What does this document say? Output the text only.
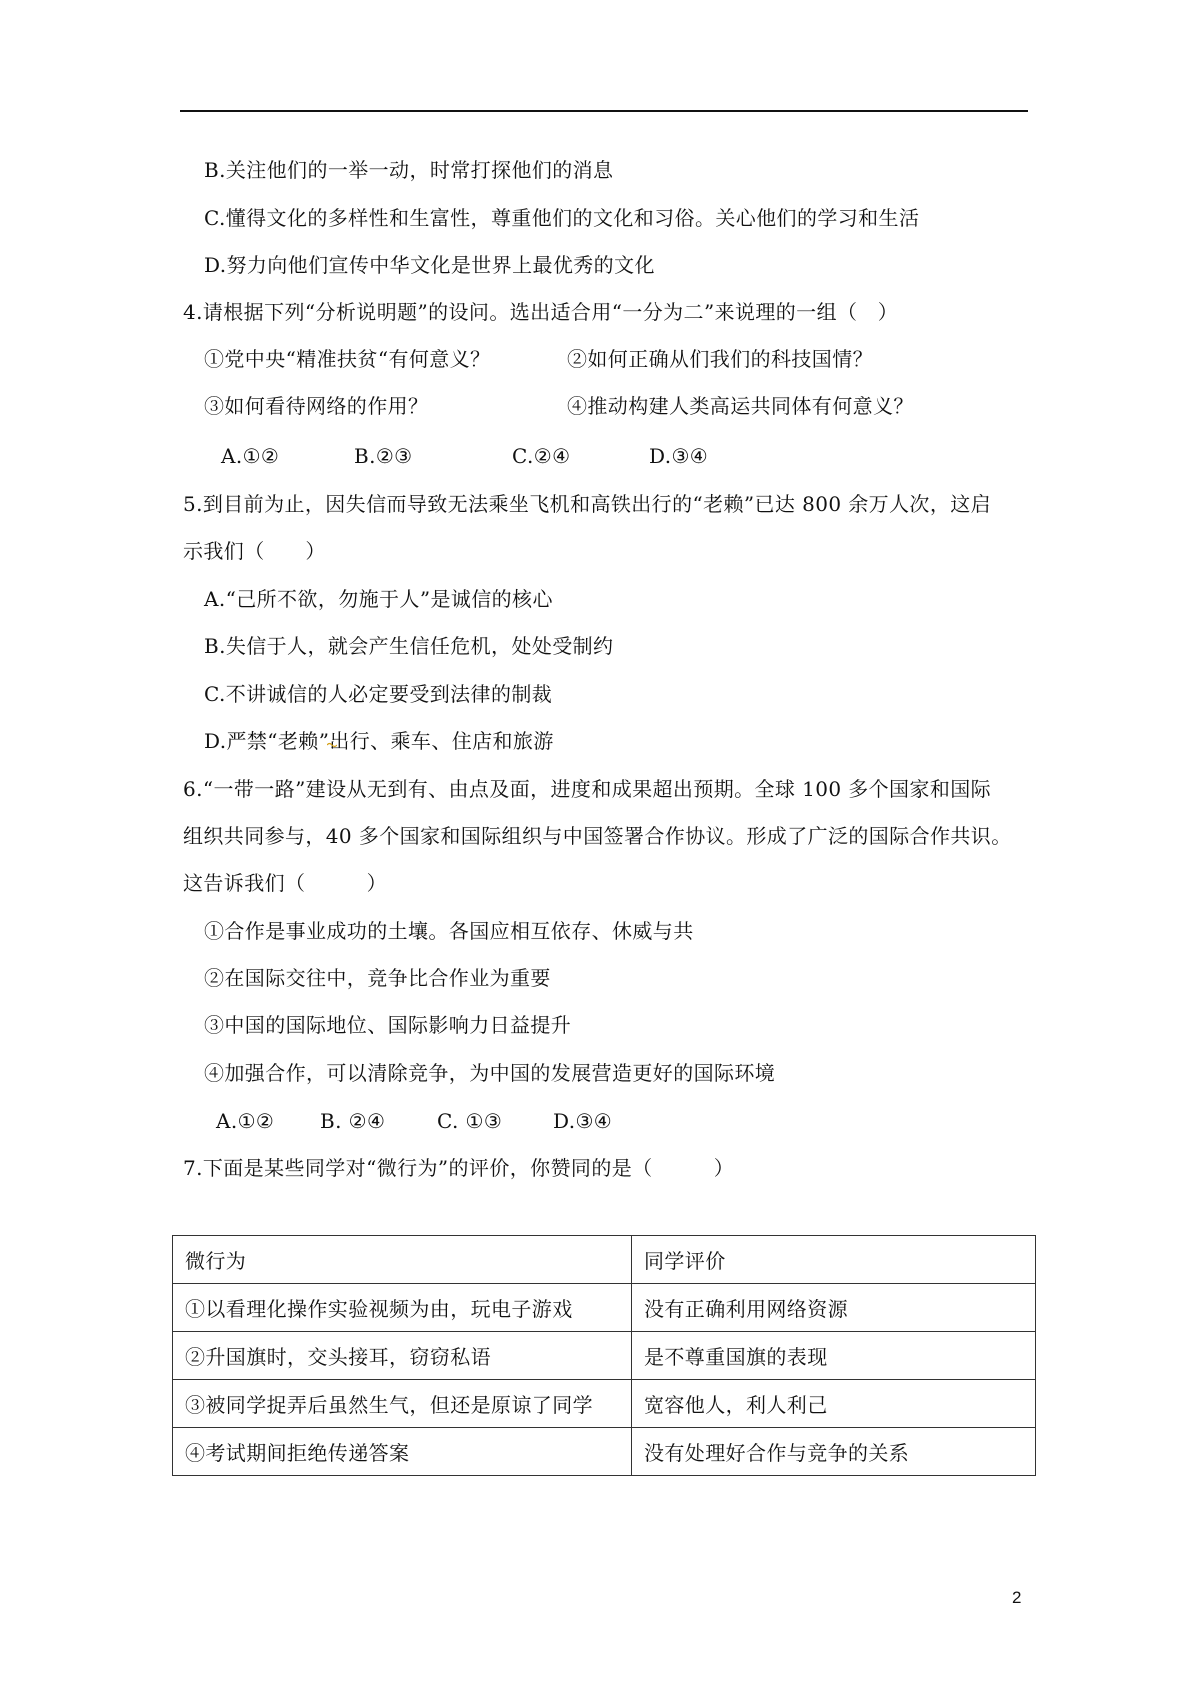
B.关注他们的一举一动，时常打探他们的消息
C.懂得文化的多样性和生富性，尊重他们的文化和习俗。关心他们的学习和生活
D.努力向他们宣传中华文化是世界上最优秀的文化
4.请根据下列“分析说明题”的设问。选出适合用“一分为二”来说理的一组（　）
①党中央“精准扶贫“有何意义？	②如何正确从们我们的科技国情？
③如何看待网络的作用？	④推动构建人类高运共同体有何意义？
A.①②	B.②③	C.②④	D.③④
5.到目前为止，因失信而导致无法乘坐飞机和高铁出行的“老赖”已达 800 余万人次，这启
示我们（　　）
A.“己所不欲，勿施于人”是诚信的核心
B.失信于人，就会产生信任危机，处处受制约
C.不讲诚信的人必定要受到法律的制裁
D.严禁“老赖”出行、乘车、住店和旅游
6.“一带一路”建设从无到有、由点及面，进度和成果超出预期。全球 100 多个国家和国际
组织共同参与，40 多个国家和国际组织与中国签署合作协议。形成了广泛的国际合作共识。
这告诉我们（　　　）
①合作是事业成功的土壤。各国应相互依存、休威与共
②在国际交往中，竞争比合作业为重要
③中国的国际地位、国际影响力日益提升
④加强合作，可以清除竞争，为中国的发展营造更好的国际环境
A.①② B. ②④	C. ①③	D.③④
7.下面是某些同学对“微行为”的评价，你赞同的是（　　　）
微行为	同学评价
①以看理化操作实验视频为由，玩电子游戏	没有正确利用网络资源
②升国旗时，交头接耳，窃窃私语	是不尊重国旗的表现
③被同学捉弄后虽然生气，但还是原谅了同学	宽容他人，利人利己
④考试期间拒绝传递答案	没有处理好合作与竞争的关系
2
